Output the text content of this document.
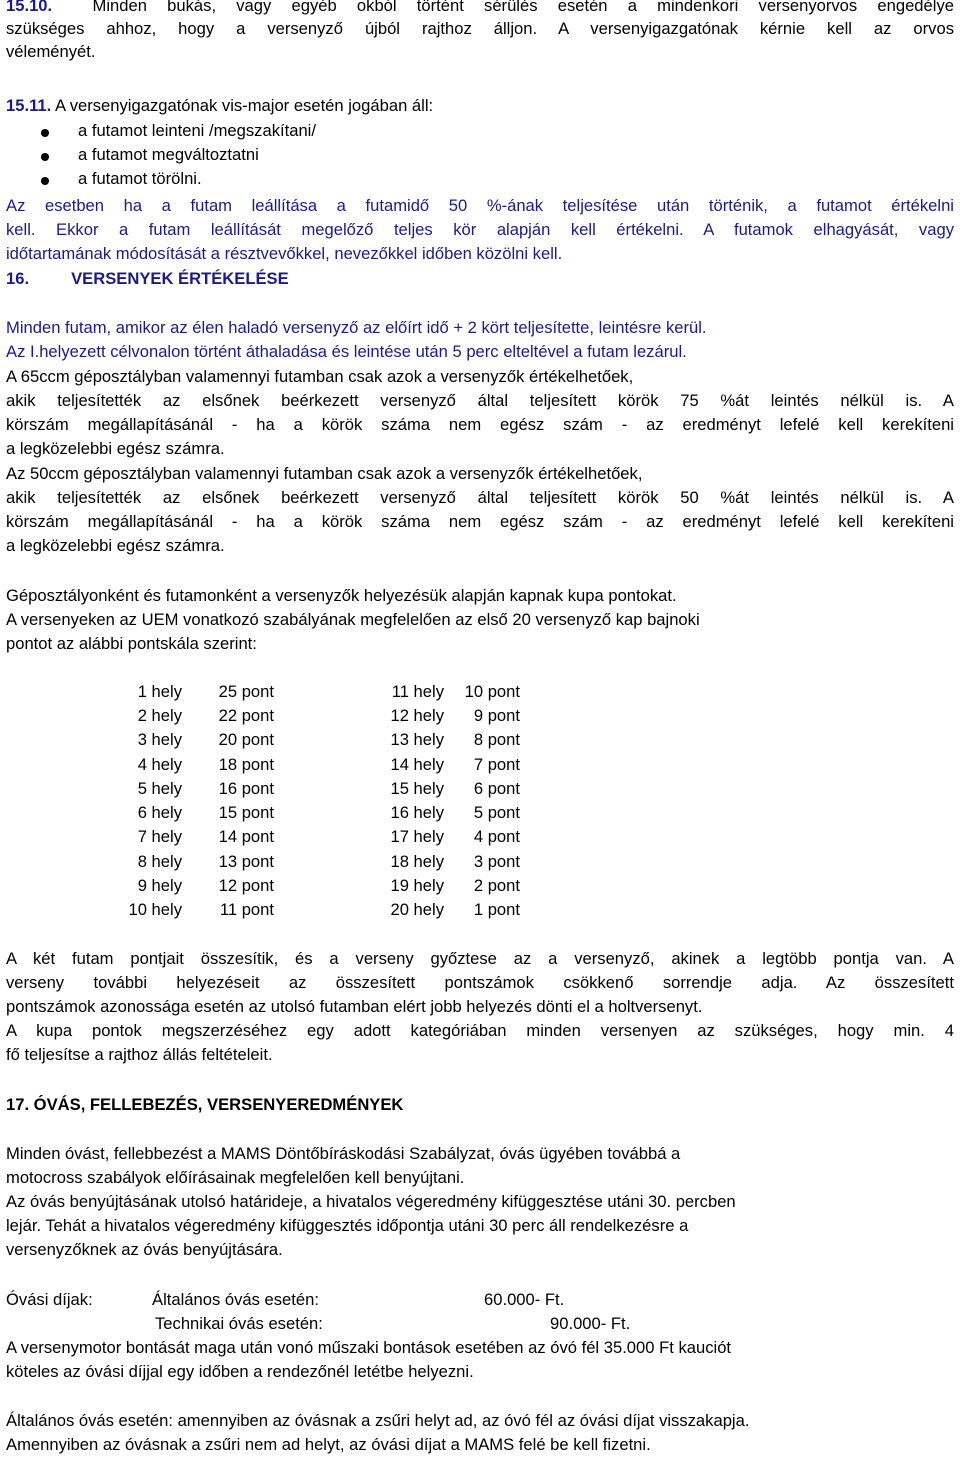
15.10. Minden bukás, vagy egyéb okból történt sérülés esetén a mindenkori versenyorvos engedélye
szükséges ahhoz, hogy a versenyző újból rajthoz álljon. A versenyigazgatónak kérnie kell az orvos
véleményét.
15.11. A versenyigazgatónak vis-major esetén jogában áll:
a futamot leinteni /megszakítani/
a futamot megváltoztatni
a futamot törölni.
Az esetben ha a futam leállítása a futamidő 50 %-ának teljesítése után történik, a futamot értékelni
kell. Ekkor a futam leállítását megelőző teljes kör alapján kell értékelni. A futamok elhagyását, vagy
időtartamának módosítását a résztvevőkkel, nevezőkkel időben közölni kell.
16.	VERSENYEK ÉRTÉKELÉSE
Minden futam, amikor az élen haladó versenyző az előírt idő + 2 kört teljesítette, leintésre kerül.
Az I.helyezett célvonalon történt áthaladása és leintése után 5 perc elteltével a futam lezárul.
A 65ccm géposztályban valamennyi futamban csak azok a versenyzők értékelhetőek,
akik teljesítették az elsőnek beérkezett versenyző által teljesített körök 75 %át leintés nélkül is. A
körszám megállapításánál - ha a körök száma nem egész szám - az eredményt lefelé kell kerekíteni
a legközelebbi egész számra.
Az 50ccm géposztályban valamennyi futamban csak azok a versenyzők értékelhetőek,
akik teljesítették az elsőnek beérkezett versenyző által teljesített körök 50 %át leintés nélkül is. A
körszám megállapításánál - ha a körök száma nem egész szám - az eredményt lefelé kell kerekíteni
a legközelebbi egész számra.
Géposztályonként és futamonként a versenyzők helyezésük alapján kapnak kupa pontokat.
A versenyeken az UEM vonatkozó szabályának megfelelően az első 20 versenyző kap bajnoki
pontot az alábbi pontskála szerint:
1 hely 25 pont
2 hely 22 pont
3 hely 20 pont
4 hely 18 pont
5 hely 16 pont
6 hely 15 pont
7 hely 14 pont
8 hely 13 pont
9 hely 12 pont
10 hely 11 pont
11 hely 10 pont
12 hely 9 pont
13 hely 8 pont
14 hely 7 pont
15 hely 6 pont
16 hely 5 pont
17 hely 4 pont
18 hely 3 pont
19 hely 2 pont
20 hely 1 pont
A két futam pontjait összesítik, és a verseny győztese az a versenyző, akinek a legtöbb pontja van. A
verseny további helyezéseit az összesített pontszámok csökkenő sorrendje adja. Az összesített
pontszámok azonossága esetén az utolsó futamban elért jobb helyezés dönti el a holtversenyt.
A kupa pontok megszerzéséhez egy adott kategóriában minden versenyen az szükséges, hogy min. 4
fő teljesítse a rajthoz állás feltételeit.
17. ÓVÁS, FELLEBEZÉS, VERSENYEREDMÉNYEK
Minden óvást, fellebbezést a MAMS Döntőbíráskodási Szabályzat, óvás ügyében továbbá a
motocross szabályok előírásainak megfelelően kell benyújtani.
Az óvás benyújtásának utolsó határideje, a hivatalos végeredmény kifüggesztése utáni 30. percben
lejár. Tehát a hivatalos végeredmény kifüggesztés időpontja utáni 30 perc áll rendelkezésre a
versenyzőknek az óvás benyújtására.
Óvási díjak:	Általános óvás esetén:	60.000- Ft.
Technikai óvás esetén:	90.000- Ft.
A versenymotor bontását maga után vonó műszaki bontások esetében az óvó fél 35.000 Ft kauciót
köteles az óvási díjjal egy időben a rendezőnél letétbe helyezni.
Általános óvás esetén: amennyiben az óvásnak a zsűri helyt ad, az óvó fél az óvási díjat visszakapja.
Amennyiben az óvásnak a zsűri nem ad helyt, az óvási díjat a MAMS felé be kell fizetni.
